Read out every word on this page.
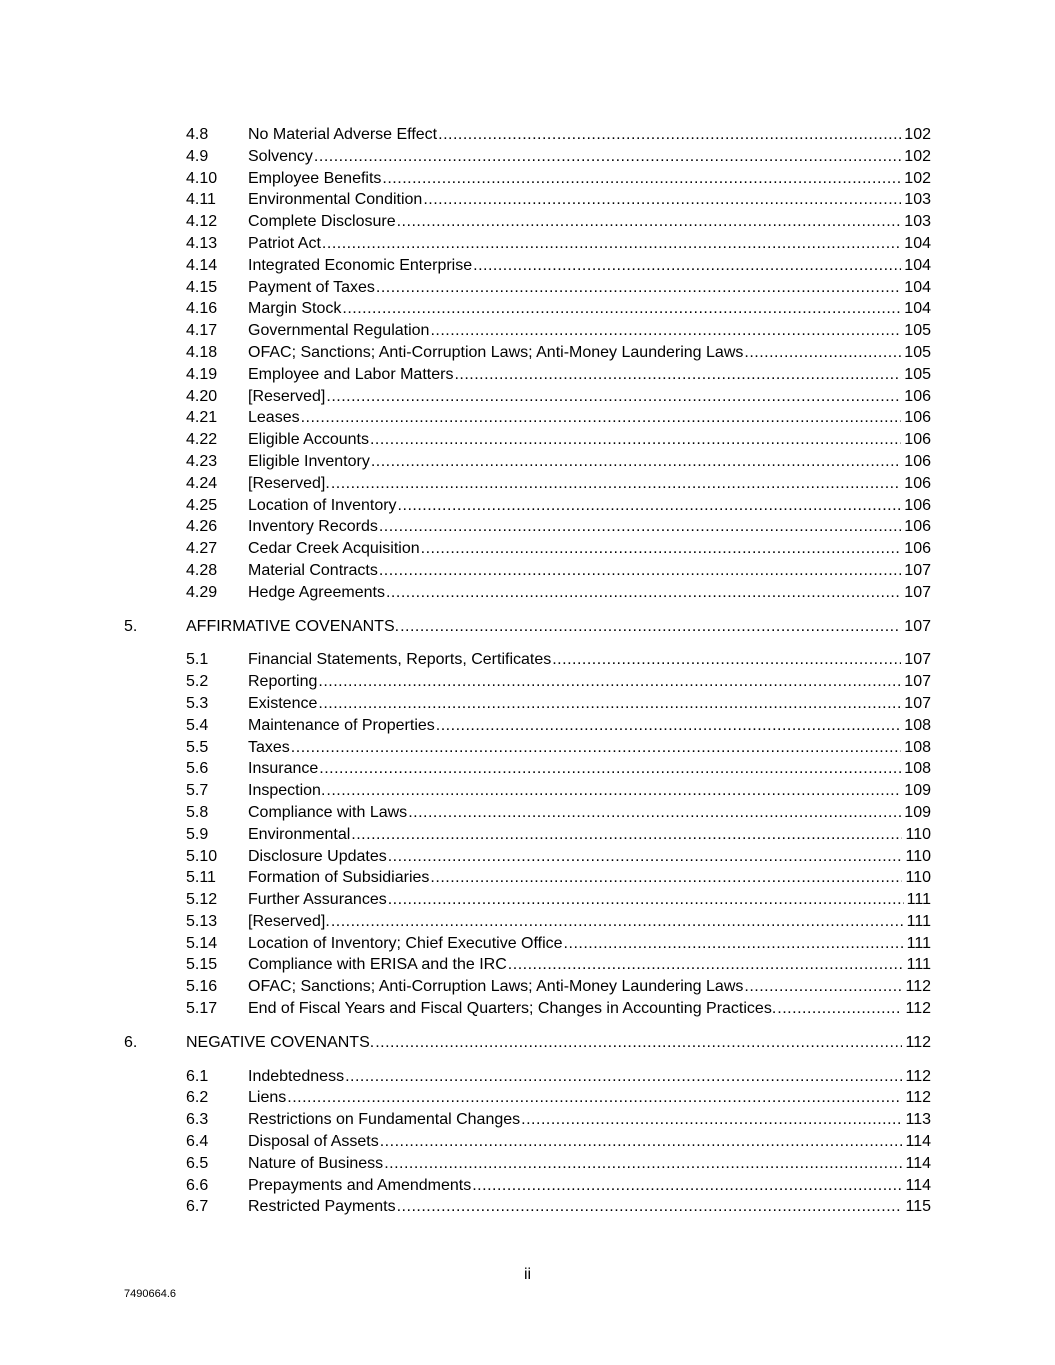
4.8 No Material Adverse Effect .....	102
4.9 Solvency .....	102
4.10 Employee Benefits .....	102
4.11 Environmental Condition .....	103
4.12 Complete Disclosure .....	103
4.13 Patriot Act .....	104
4.14 Integrated Economic Enterprise .....	104
4.15 Payment of Taxes .....	104
4.16 Margin Stock .....	104
4.17 Governmental Regulation .....	105
4.18 OFAC; Sanctions; Anti-Corruption Laws; Anti-Money Laundering Laws .....	105
4.19 Employee and Labor Matters .....	105
4.20 [Reserved] .....	106
4.21 Leases .....	106
4.22 Eligible Accounts .....	106
4.23 Eligible Inventory .....	106
4.24 [Reserved]. .....	106
4.25 Location of Inventory .....	106
4.26 Inventory Records .....	106
4.27 Cedar Creek Acquisition .....	106
4.28 Material Contracts .....	107
4.29 Hedge Agreements .....	107
5.	AFFIRMATIVE COVENANTS. .....	107
5.1 Financial Statements, Reports, Certificates .....	107
5.2 Reporting .....	107
5.3 Existence .....	107
5.4 Maintenance of Properties .....	108
5.5 Taxes .....	108
5.6 Insurance .....	108
5.7 Inspection. .....	109
5.8 Compliance with Laws .....	109
5.9 Environmental .....	110
5.10 Disclosure Updates .....	110
5.11 Formation of Subsidiaries .....	110
5.12 Further Assurances .....	111
5.13 [Reserved]. .....	111
5.14 Location of Inventory; Chief Executive Office .....	111
5.15 Compliance with ERISA and the IRC .....	111
5.16 OFAC; Sanctions; Anti-Corruption Laws; Anti-Money Laundering Laws .....	112
5.17 End of Fiscal Years and Fiscal Quarters; Changes in Accounting Practices. .....	112
6.	NEGATIVE COVENANTS. .....	112
6.1 Indebtedness .....	112
6.2 Liens .....	112
6.3 Restrictions on Fundamental Changes .....	113
6.4 Disposal of Assets .....	114
6.5 Nature of Business .....	114
6.6 Prepayments and Amendments .....	114
6.7 Restricted Payments .....	115
ii
7490664.6
